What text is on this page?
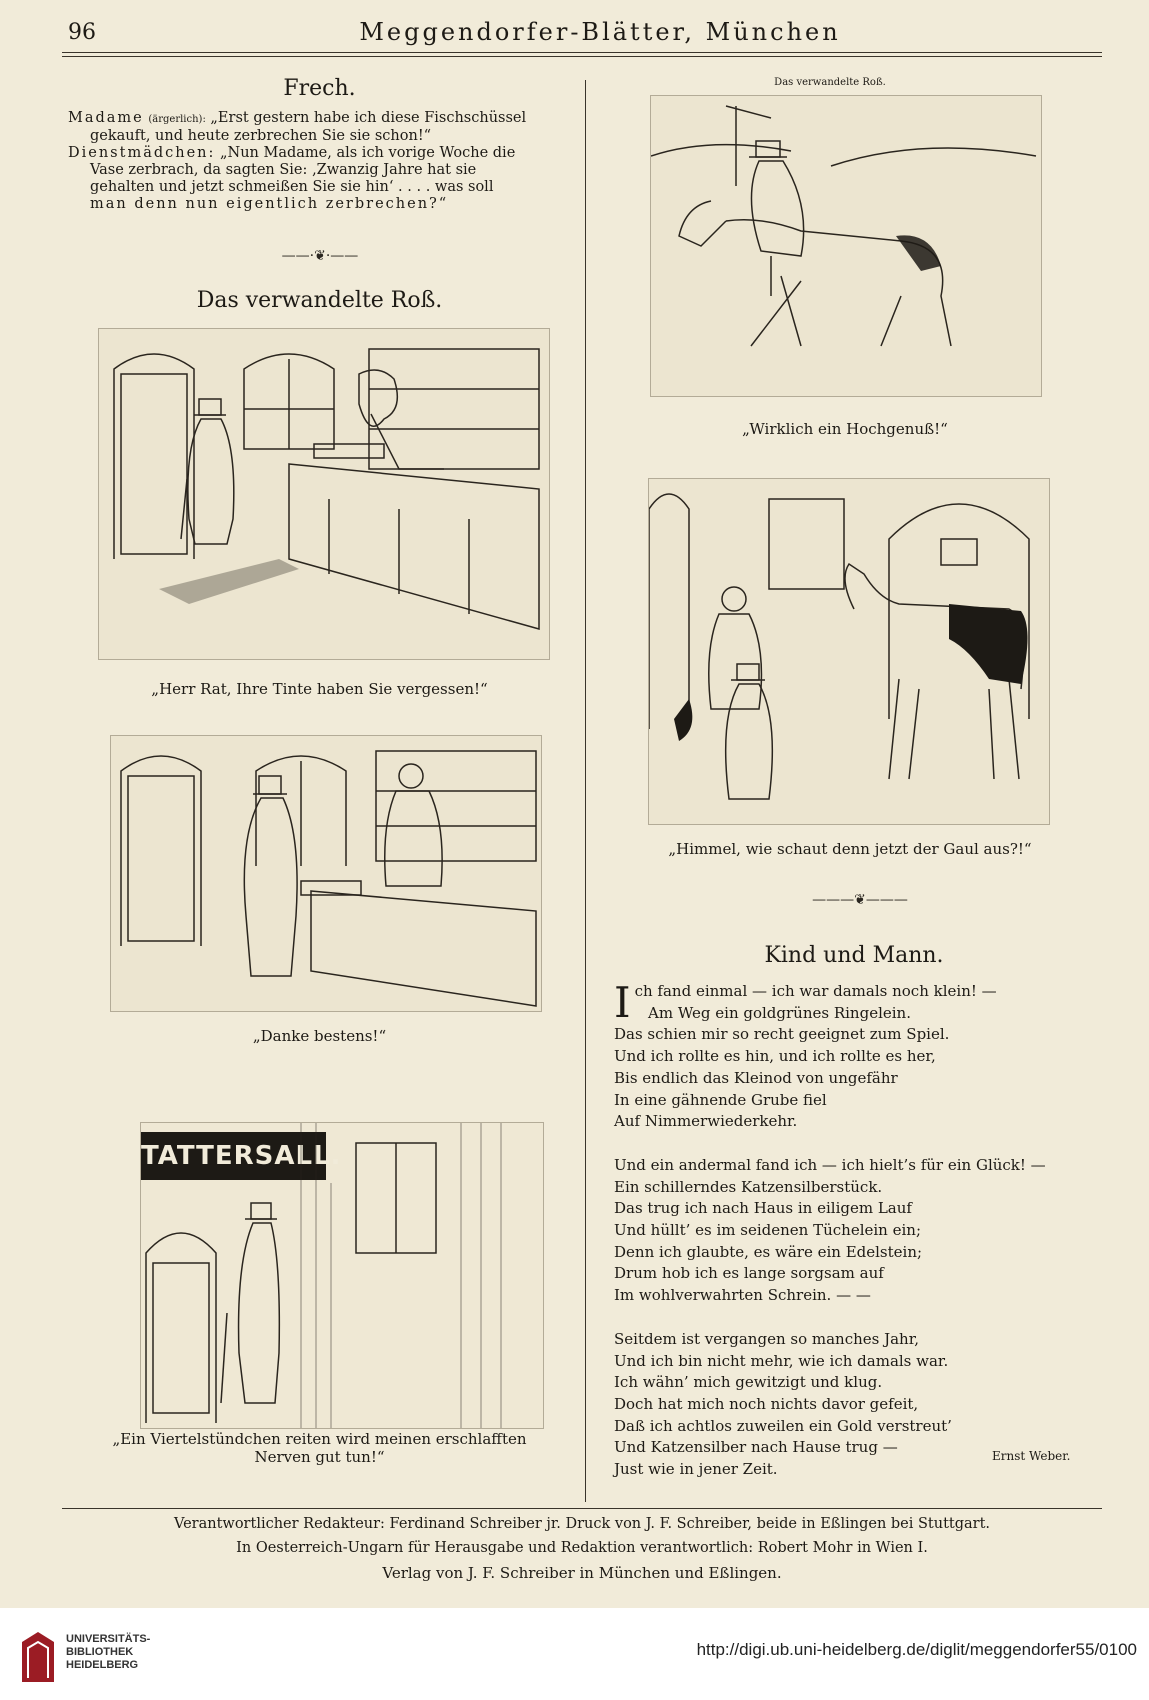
96	Meggendorfer-Blätter, München
Frech.
Madame (ärgerlich): „Erst gestern habe ich diese Fischschüssel
gekauft, und heute zerbrechen Sie sie schon!“
Dienstmädchen: „Nun Madame, als ich vorige Woche die
Vase zerbrach, da sagten Sie: ‚Zwanzig Jahre hat sie
gehalten und jetzt schmeißen Sie sie hin‘ . . . . was soll
man denn nun eigentlich zerbrechen?“
——·❦·——
Das verwandelte Roß.
„Herr Rat, Ihre Tinte haben Sie vergessen!“
„Danke bestens!“
TATTERSALL.
„Ein Viertelstündchen reiten wird meinen erschlafften
Nerven gut tun!“
Das verwandelte Roß.
„Wirklich ein Hochgenuß!“
„Himmel, wie schaut denn jetzt der Gaul aus?!“
———❦———
Kind und Mann.
I ch fand einmal — ich war damals noch klein! —
Am Weg ein goldgrünes Ringelein.
Das schien mir so recht geeignet zum Spiel.
Und ich rollte es hin, und ich rollte es her,
Bis endlich das Kleinod von ungefähr
In eine gähnende Grube fiel
Auf Nimmerwiederkehr.
Und ein andermal fand ich — ich hielt’s für ein Glück! —
Ein schillerndes Katzensilberstück.
Das trug ich nach Haus in eiligem Lauf
Und hüllt’ es im seidenen Tüchelein ein;
Denn ich glaubte, es wäre ein Edelstein;
Drum hob ich es lange sorgsam auf
Im wohlverwahrten Schrein. — —
Seitdem ist vergangen so manches Jahr,
Und ich bin nicht mehr, wie ich damals war.
Ich wähn’ mich gewitzigt und klug.
Doch hat mich noch nichts davor gefeit,
Daß ich achtlos zuweilen ein Gold verstreut’
Und Katzensilber nach Hause trug —
Just wie in jener Zeit.
Ernst Weber.
Verantwortlicher Redakteur: Ferdinand Schreiber jr. Druck von J. F. Schreiber, beide in Eßlingen bei Stuttgart.
In Oesterreich-Ungarn für Herausgabe und Redaktion verantwortlich: Robert Mohr in Wien I.
Verlag von J. F. Schreiber in München und Eßlingen.
UNIVERSITÄTS-
BIBLIOTHEK
HEIDELBERG
http://digi.ub.uni-heidelberg.de/diglit/meggendorfer55/0100
